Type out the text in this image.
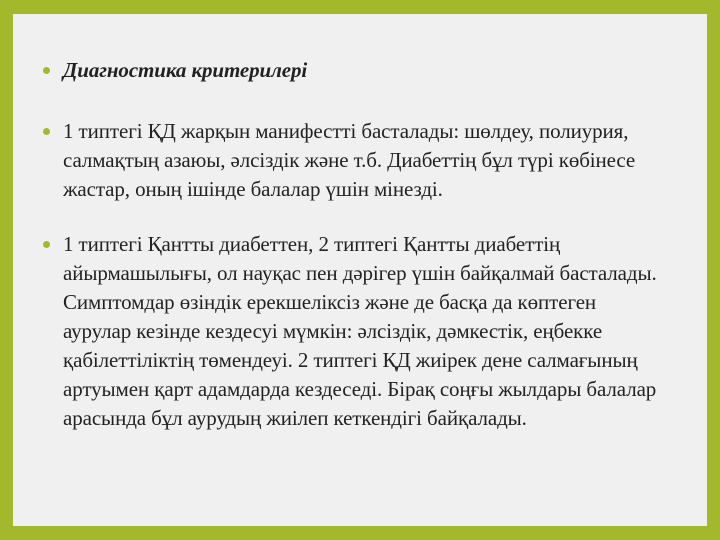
Диагностика критерилері
1 типтегі ҚД жарқын манифестті басталады: шөлдеу, полиурия, салмақтың азаюы, әлсіздік және т.б. Диабеттің бұл түрі көбінесе жастар, оның ішінде балалар үшін мінезді.
1 типтегі Қантты диабеттен, 2 типтегі Қантты диабеттің айырмашылығы, ол науқас пен дәрігер үшін байқалмай басталады. Симптомдар өзіндік ерекшеліксіз және де басқа да көптеген аурулар кезінде кездесуі мүмкін: әлсіздік, дәмкестік, еңбекке қабілеттіліктің төмендеуі. 2 типтегі ҚД жиірек дене салмағының артуымен қарт адамдарда кездеседі. Бірақ соңғы жылдары балалар арасында бұл аурудың жиілеп кеткендігі байқалады.
